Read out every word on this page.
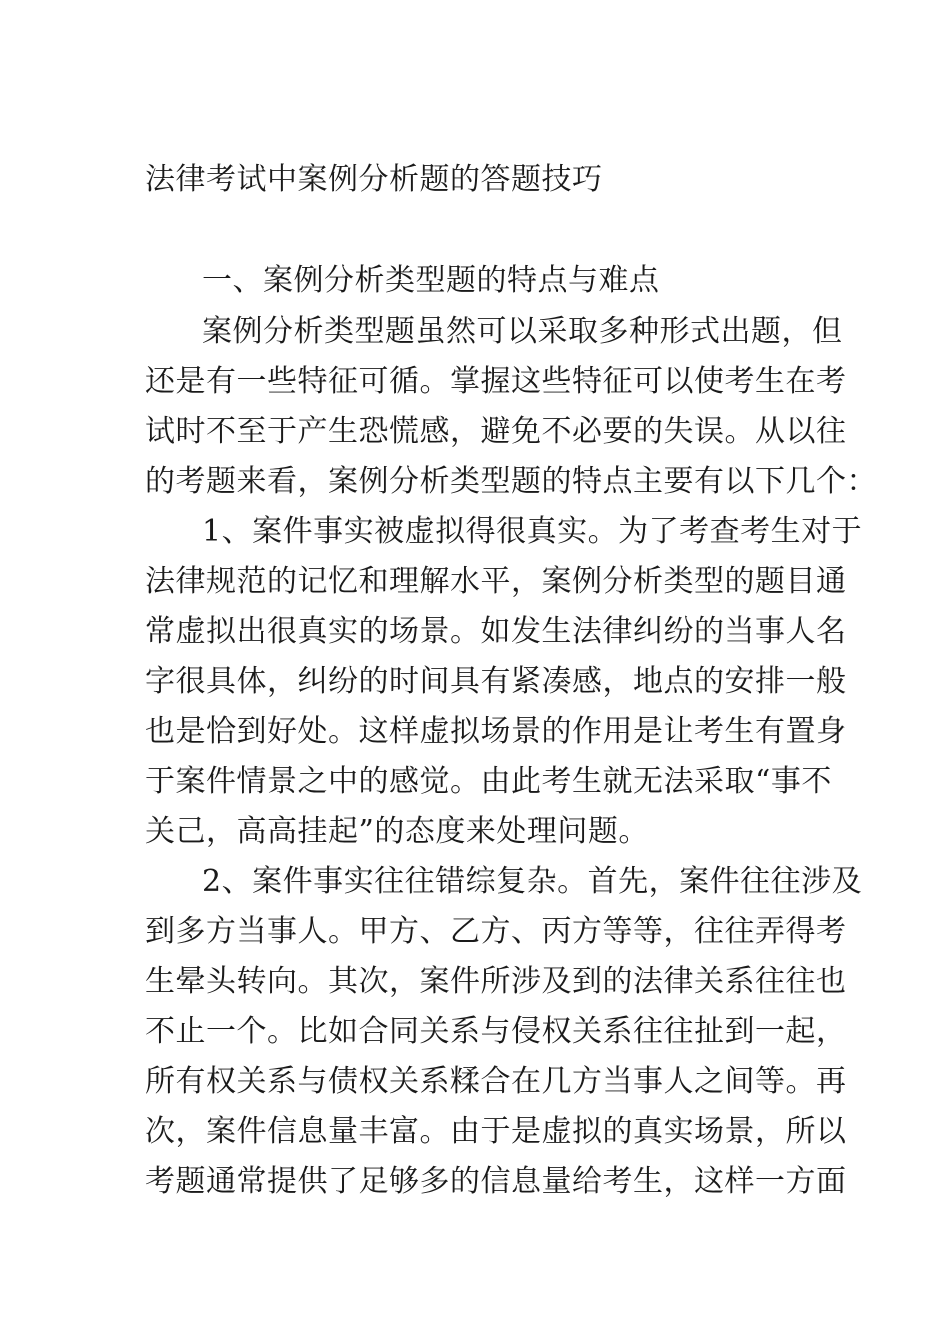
法律考试中案例分析题的答题技巧
一、案例分析类型题的特点与难点
案例分析类型题虽然可以采取多种形式出题，但
还是有一些特征可循。掌握这些特征可以使考生在考
试时不至于产生恐慌感，避免不必要的失误。从以往
的考题来看，案例分析类型题的特点主要有以下几个：
1、案件事实被虚拟得很真实。为了考查考生对于
法律规范的记忆和理解水平，案例分析类型的题目通
常虚拟出很真实的场景。如发生法律纠纷的当事人名
字很具体，纠纷的时间具有紧凑感，地点的安排一般
也是恰到好处。这样虚拟场景的作用是让考生有置身
于案件情景之中的感觉。由此考生就无法采取“事不
关己，高高挂起”的态度来处理问题。
2、案件事实往往错综复杂。首先，案件往往涉及
到多方当事人。甲方、乙方、丙方等等，往往弄得考
生晕头转向。其次，案件所涉及到的法律关系往往也
不止一个。比如合同关系与侵权关系往往扯到一起，
所有权关系与债权关系糅合在几方当事人之间等。再
次，案件信息量丰富。由于是虚拟的真实场景，所以
考题通常提供了足够多的信息量给考生，这样一方面
